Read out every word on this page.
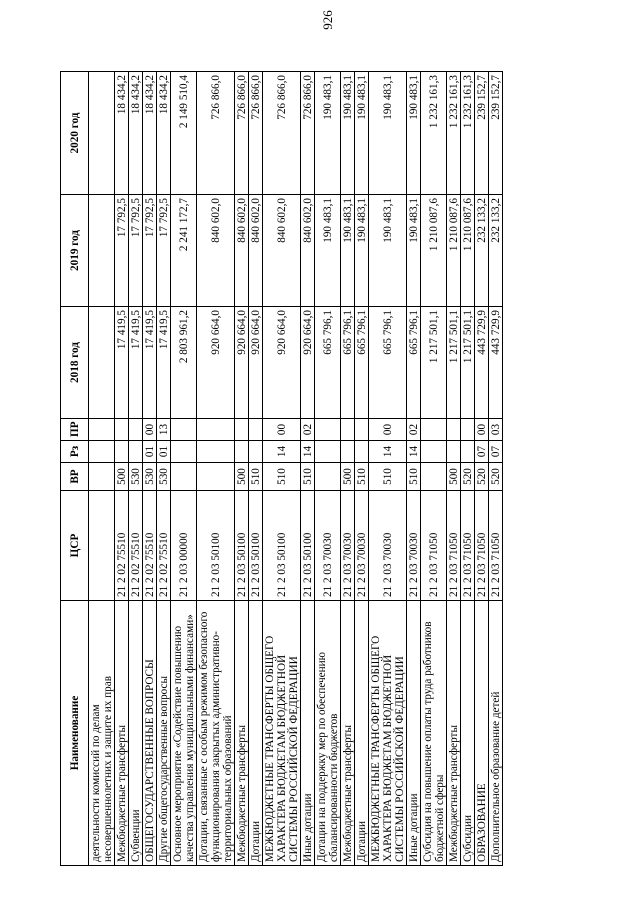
926
Наименование	ЦСР	ВР	Рз	ПР	2018 год	2019 год	2020 год
деятельности комиссий по делам несовершеннолетних и защите их прав							
Межбюджетные трансферты	21 2 02 75510	500			17 419,5	17 792,5	18 434,2
Субвенции	21 2 02 75510	530			17 419,5	17 792,5	18 434,2
ОБЩЕГОСУДАРСТВЕННЫЕ ВОПРОСЫ	21 2 02 75510	530	01	00	17 419,5	17 792,5	18 434,2
Другие общегосударственные вопросы	21 2 02 75510	530	01	13	17 419,5	17 792,5	18 434,2
Основное мероприятие «Содействие повышению качества управления муниципальными финансами»	21 2 03 00000				2 803 961,2	2 241 172,7	2 149 510,4
Дотации, связанные с особым режимом безопасного функционирования закрытых административно-территориальных образований	21 2 03 50100				920 664,0	840 602,0	726 866,0
Межбюджетные трансферты	21 2 03 50100	500			920 664,0	840 602,0	726 866,0
Дотации	21 2 03 50100	510			920 664,0	840 602,0	726 866,0
МЕЖБЮДЖЕТНЫЕ ТРАНСФЕРТЫ ОБЩЕГО ХАРАКТЕРА БЮДЖЕТАМ БЮДЖЕТНОЙ СИСТЕМЫ РОССИЙСКОЙ ФЕДЕРАЦИИ	21 2 03 50100	510	14	00	920 664,0	840 602,0	726 866,0
Иные дотации	21 2 03 50100	510	14	02	920 664,0	840 602,0	726 866,0
Дотации на поддержку мер по обеспечению сбалансированности бюджетов	21 2 03 70030				665 796,1	190 483,1	190 483,1
Межбюджетные трансферты	21 2 03 70030	500			665 796,1	190 483,1	190 483,1
Дотации	21 2 03 70030	510			665 796,1	190 483,1	190 483,1
МЕЖБЮДЖЕТНЫЕ ТРАНСФЕРТЫ ОБЩЕГО ХАРАКТЕРА БЮДЖЕТАМ БЮДЖЕТНОЙ СИСТЕМЫ РОССИЙСКОЙ ФЕДЕРАЦИИ	21 2 03 70030	510	14	00	665 796,1	190 483,1	190 483,1
Иные дотации	21 2 03 70030	510	14	02	665 796,1	190 483,1	190 483,1
Субсидия на повышение оплаты труда работников бюджетной сферы	21 2 03 71050				1 217 501,1	1 210 087,6	1 232 161,3
Межбюджетные трансферты	21 2 03 71050	500			1 217 501,1	1 210 087,6	1 232 161,3
Субсидии	21 2 03 71050	520			1 217 501,1	1 210 087,6	1 232 161,3
ОБРАЗОВАНИЕ	21 2 03 71050	520	07	00	443 729,9	232 133,2	239 152,7
Дополнительное образование детей	21 2 03 71050	520	07	03	443 729,9	232 133,2	239 152,7
